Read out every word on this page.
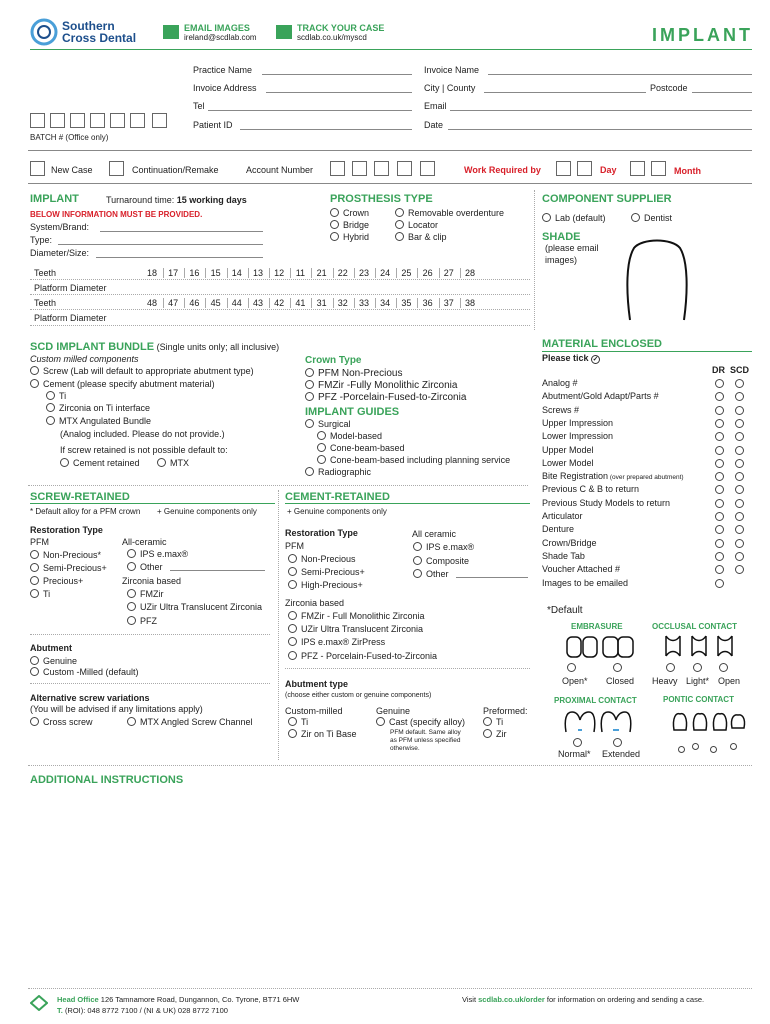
Southern
Cross Dental
EMAIL IMAGES
ireland@scdlab.com
TRACK YOUR CASE
scdlab.co.uk/myscd	IMPLANT
Practice Name
Invoice Address
Tel
Patient ID
Invoice Name
City | County	Postcode
Email
Date
BATCH # (Office only)
New Case	Continuation/Remake	Account Number	Work Required by	Day	Month
IMPLANT	Turnaround time: 15 working days
BELOW INFORMATION MUST BE PROVIDED.
System/Brand:
Type:
Diameter/Size:
PROSTHESIS TYPE
Crown
Bridge
Hybrid
Removable overdenture
Locator
Bar & clip
COMPONENT SUPPLIER
Lab (default)	Dentist
SHADE
(please email
images)
Teeth	18	17	16	15	14	13	12	11	21	22	23	24	25	26	27	28
Platform Diameter
Teeth	48	47	46	45	44	43	42	41	31	32	33	34	35	36	37	38
Platform Diameter
SCD IMPLANT BUNDLE (Single units only; all inclusive)
Custom milled components
Screw (Lab will default to appropriate abutment type)
Cement (please specify abutment material)
Ti
Zirconia on Ti interface
MTX Angulated Bundle
(Analog included. Please do not provide.)
If screw retained is not possible default to:
Cement retained	MTX
Crown Type
PFM Non-Precious
FMZir -Fully Monolithic Zirconia
PFZ -Porcelain-Fused-to-Zirconia
IMPLANT GUIDES
Surgical
Model-based
Cone-beam-based
Cone-beam-based including planning service
Radiographic
MATERIAL ENCLOSED
Please tick ✓
DR SCD
Analog #
Abutment/Gold Adapt/Parts #
Screws #
Upper Impression
Lower Impression
Upper Model
Lower Model
Bite Registration (over prepared abutment)
Previous C & B to return
Previous Study Models to return
Articulator
Denture
Crown/Bridge
Shade Tab
Voucher Attached #
Images to be emailed
*Default
SCREW-RETAINED
* Default alloy for a PFM crown + Genuine components only
Restoration Type
PFM
Non-Precious*
Semi-Precious+
Precious+
Ti
All-ceramic
IPS e.max®
Other
Zirconia based
FMZir
UZir Ultra Translucent Zirconia
PFZ
Abutment
Genuine
Custom -Milled (default)
Alternative screw variations
(You will be advised if any limitations apply)
Cross screw	MTX Angled Screw Channel
CEMENT-RETAINED
+ Genuine components only
Restoration Type
PFM
Non-Precious
Semi-Precious+
High-Precious+
All ceramic
IPS e.max®
Composite
Other
Zirconia based
FMZir - Full Monolithic Zirconia
UZir Ultra Translucent Zirconia
IPS e.max® ZirPress
PFZ - Porcelain-Fused-to-Zirconia
Abutment type
(choose either custom or genuine components)
Custom-milled
Ti
Zir on Ti Base
Genuine
Cast (specify alloy)
PFM default. Same alloy
as PFM unless specified
otherwise.
Preformed:
Ti
Zir
EMBRASURE	OCCLUSAL CONTACT
Open* Closed Heavy Light* Open
PROXIMAL CONTACT	PONTIC CONTACT
Normal* Extended
ADDITIONAL INSTRUCTIONS
Head Office 126 Tamnamore Road, Dungannon, Co. Tyrone, BT71 6HW
T. (ROI): 048 8772 7100 / (NI & UK) 028 8772 7100
Visit scdlab.co.uk/order for information on ordering and sending a case.
